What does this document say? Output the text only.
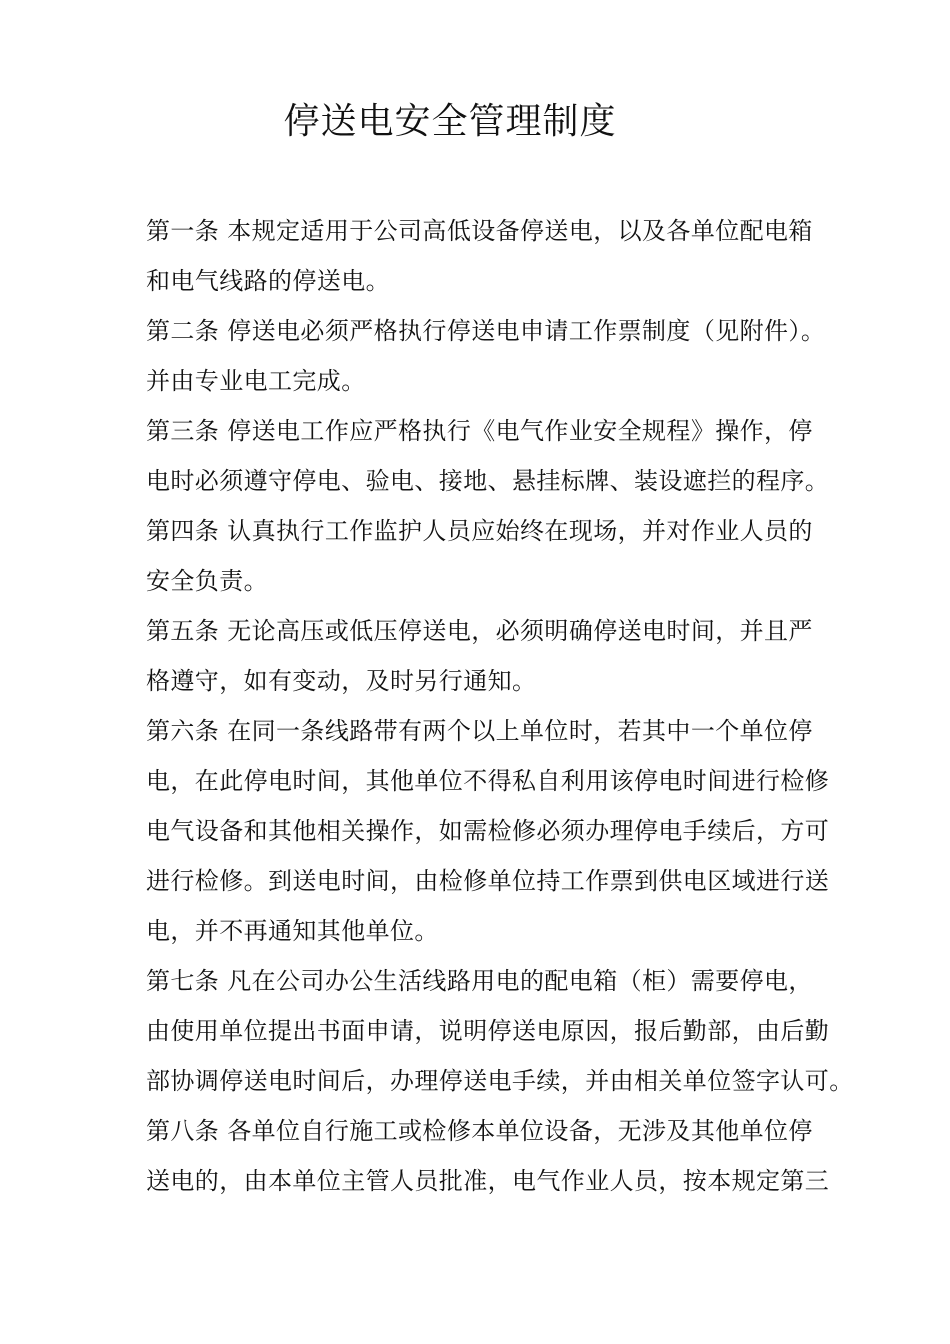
停送电安全管理制度
第一条 本规定适用于公司高低设备停送电，以及各单位配电箱
和电气线路的停送电。
第二条 停送电必须严格执行停送电申请工作票制度（见附件）。
并由专业电工完成。
第三条 停送电工作应严格执行《电气作业安全规程》操作，停
电时必须遵守停电、验电、接地、悬挂标牌、装设遮拦的程序。
第四条 认真执行工作监护人员应始终在现场，并对作业人员的
安全负责。
第五条 无论高压或低压停送电，必须明确停送电时间，并且严
格遵守，如有变动，及时另行通知。
第六条 在同一条线路带有两个以上单位时，若其中一个单位停
电，在此停电时间，其他单位不得私自利用该停电时间进行检修
电气设备和其他相关操作，如需检修必须办理停电手续后，方可
进行检修。到送电时间，由检修单位持工作票到供电区域进行送
电，并不再通知其他单位。
第七条 凡在公司办公生活线路用电的配电箱（柜）需要停电，
由使用单位提出书面申请，说明停送电原因，报后勤部，由后勤
部协调停送电时间后，办理停送电手续，并由相关单位签字认可。
第八条 各单位自行施工或检修本单位设备，无涉及其他单位停
送电的，由本单位主管人员批准，电气作业人员，按本规定第三
